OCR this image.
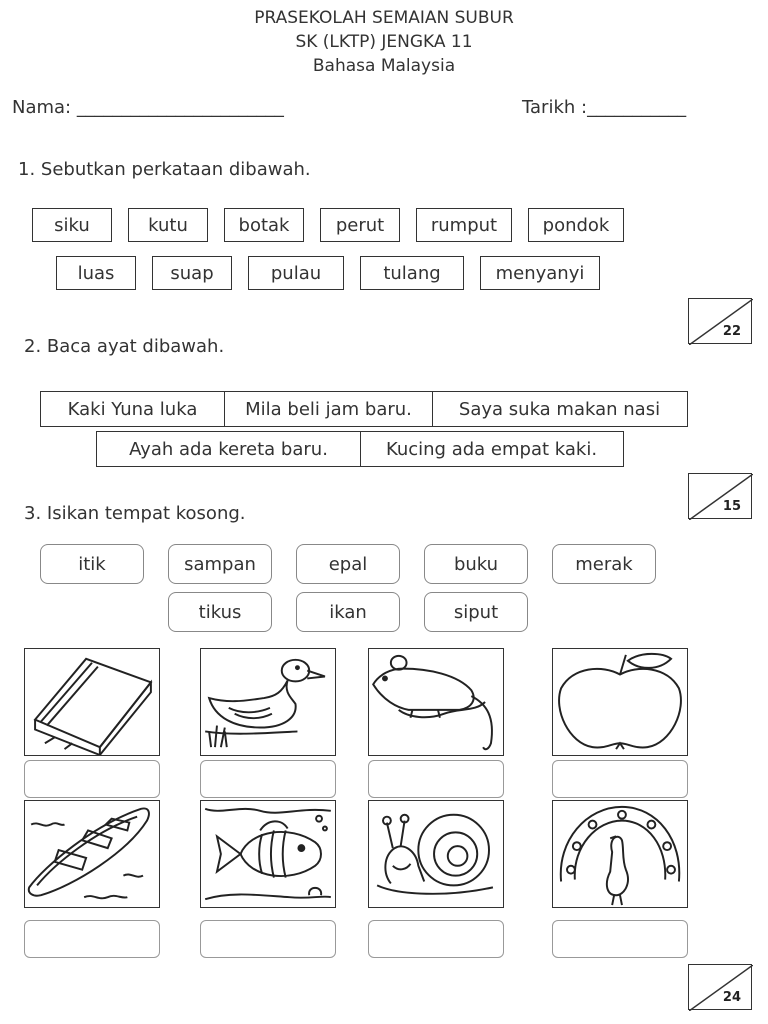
PRASEKOLAH SEMAIAN SUBUR
SK (LKTP) JENGKA 11
Bahasa Malaysia
Nama: _______________________	Tarikh :___________
1. Sebutkan perkataan dibawah.
siku	kutu	botak	perut	rumput	pondok
luas	suap	pulau	tulang	menyanyi
22
2. Baca ayat dibawah.
Kaki Yuna luka	Mila beli jam baru.	Saya suka makan nasi
Ayah ada kereta baru.	Kucing ada empat kaki.
15
3. Isikan tempat kosong.
itik	sampan	epal	buku	merak
tikus	ikan	siput
24
